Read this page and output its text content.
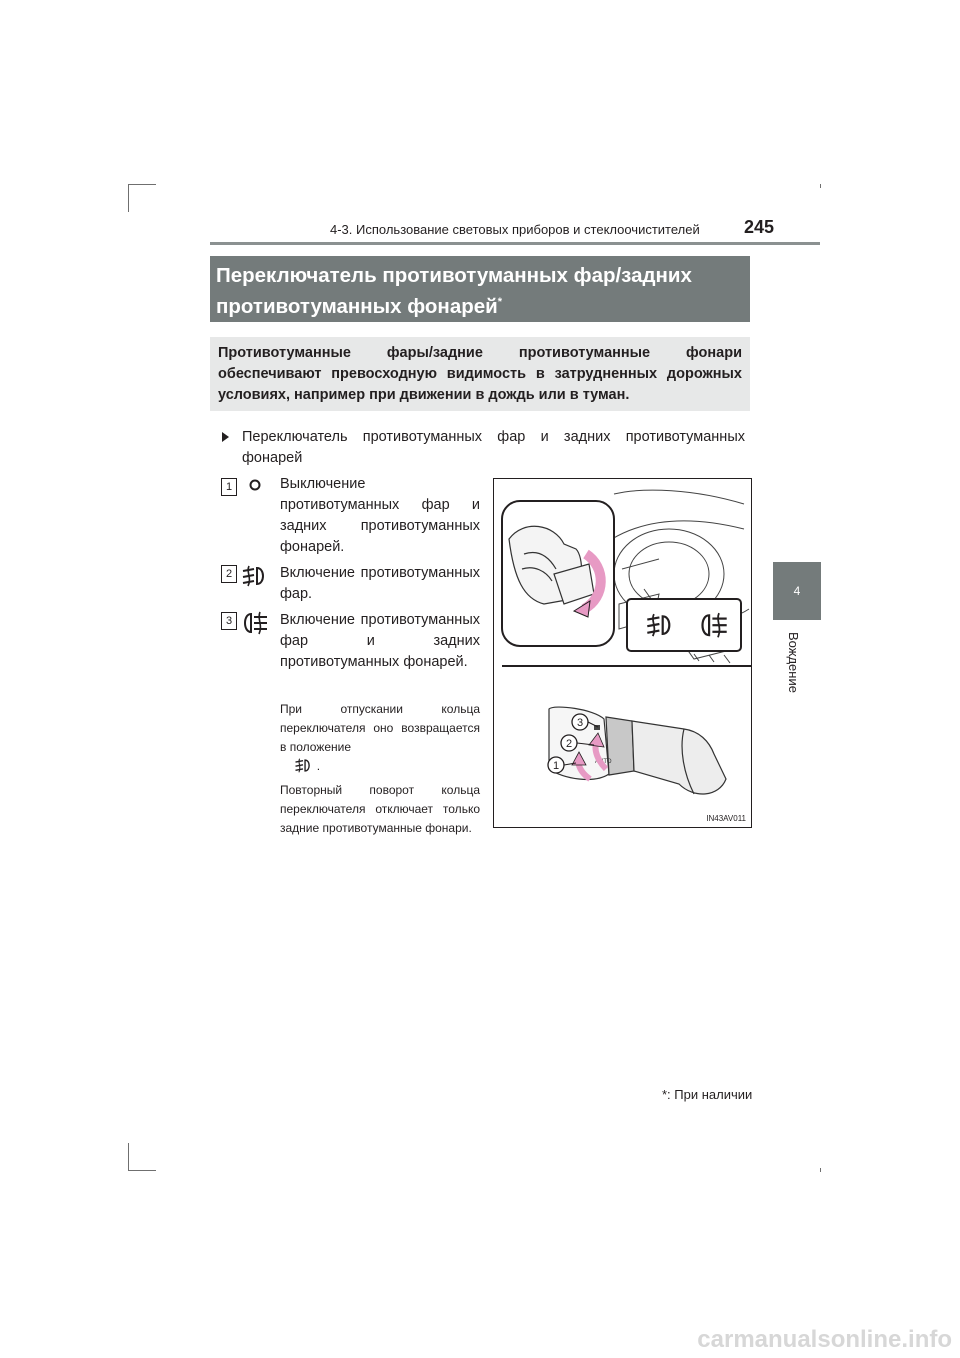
4-3. Использование световых приборов и стеклоочистителей 245
4
Вождение
Переключатель противотуманных фар/задних противотуманных фонарей*
Противотуманные фары/задние противотуманные фонари обеспечивают превосходную видимость в затрудненных дорожных условиях, например при движении в дождь или в туман.
Переключатель противотуманных фар и задних противотуманных фонарей
1	Выключение противотуманных фар и задних противотуманных фонарей.
2	Включение противотуманных фар.
3	Включение противотуманных фар и задних противотуманных фонарей.
При отпускании кольца переключателя оно возвращается в положение
.
Повторный поворот кольца переключателя отключает только задние противотуманные фонари.
AUTO
3
2
1
IN43AV011
*: При наличии
carmanualsonline.info
